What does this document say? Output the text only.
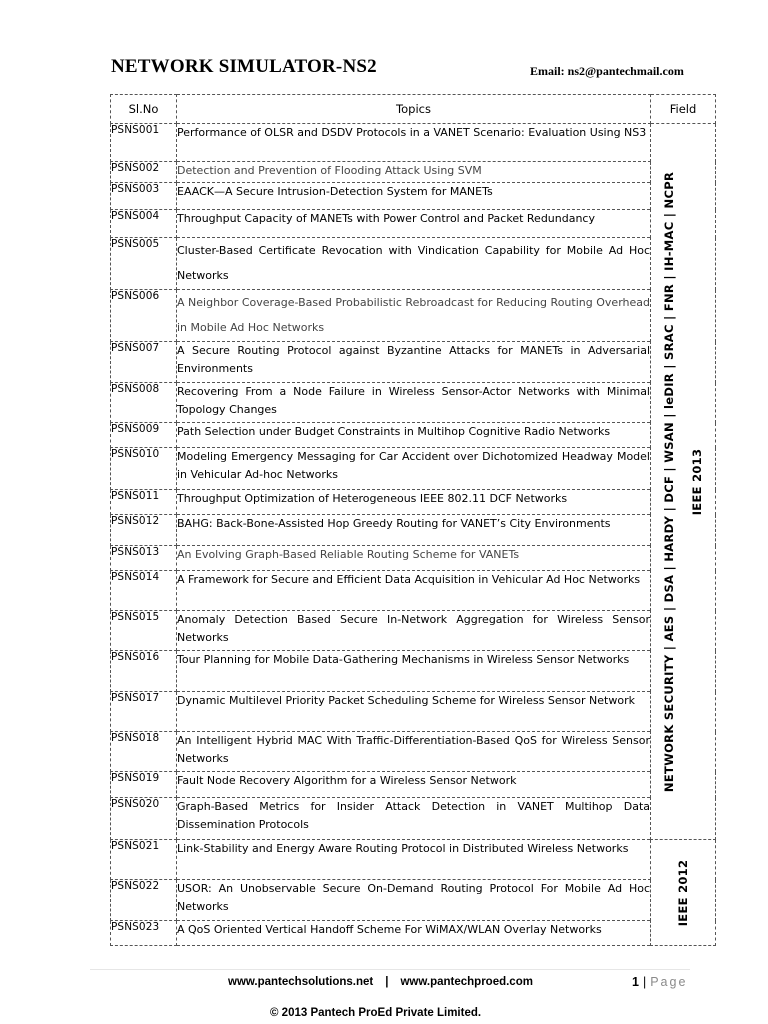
NETWORK SIMULATOR-NS2	Email: ns2@pantechmail.com
Sl.No	Topics	Field
PSNS001	Performance of OLSR and DSDV Protocols in a VANET Scenario: Evaluation Using NS3	NETWORK SECURITY | AES | DSA | HARDY | DCF | WSAN | leDIR | SRAC | FNR | IH-MAC | NCPR IEEE 2013

PSNS002	Detection and Prevention of Flooding Attack Using SVM	
PSNS003	EAACK—A Secure Intrusion-Detection System for MANETs	
PSNS004	Throughput Capacity of MANETs with Power Control and Packet Redundancy	
PSNS005	Cluster-Based Certificate Revocation with Vindication Capability for Mobile Ad Hoc Networks	
PSNS006	A Neighbor Coverage-Based Probabilistic Rebroadcast for Reducing Routing Overhead in Mobile Ad Hoc Networks	
PSNS007	A Secure Routing Protocol against Byzantine Attacks for MANETs in Adversarial Environments	
PSNS008	Recovering From a Node Failure in Wireless Sensor-Actor Networks with Minimal Topology Changes	
PSNS009	Path Selection under Budget Constraints in Multihop Cognitive Radio Networks	
PSNS010	Modeling Emergency Messaging for Car Accident over Dichotomized Headway Model in Vehicular Ad-hoc Networks	
PSNS011	Throughput Optimization of Heterogeneous IEEE 802.11 DCF Networks	
PSNS012	BAHG: Back-Bone-Assisted Hop Greedy Routing for VANET’s City Environments	
PSNS013	An Evolving Graph-Based Reliable Routing Scheme for VANETs	
PSNS014	A Framework for Secure and Efficient Data Acquisition in Vehicular Ad Hoc Networks	
PSNS015	Anomaly Detection Based Secure In-Network Aggregation for Wireless Sensor Networks	
PSNS016	Tour Planning for Mobile Data-Gathering Mechanisms in Wireless Sensor Networks	
PSNS017	Dynamic Multilevel Priority Packet Scheduling Scheme for Wireless Sensor Network	
PSNS018	An Intelligent Hybrid MAC With Traffic-Differentiation-Based QoS for Wireless Sensor Networks	
PSNS019	Fault Node Recovery Algorithm for a Wireless Sensor Network	
PSNS020	Graph-Based Metrics for Insider Attack Detection in VANET Multihop Data Dissemination Protocols	
PSNS021	Link-Stability and Energy Aware Routing Protocol in Distributed Wireless Networks	IEEE 2012

PSNS022	USOR: An Unobservable Secure On-Demand Routing Protocol For Mobile Ad Hoc Networks	
PSNS023	A QoS Oriented Vertical Handoff Scheme For WiMAX/WLAN Overlay Networks	
www.pantechsolutions.net | www.pantechproed.com	1 | Page
© 2013 Pantech ProEd Private Limited.
